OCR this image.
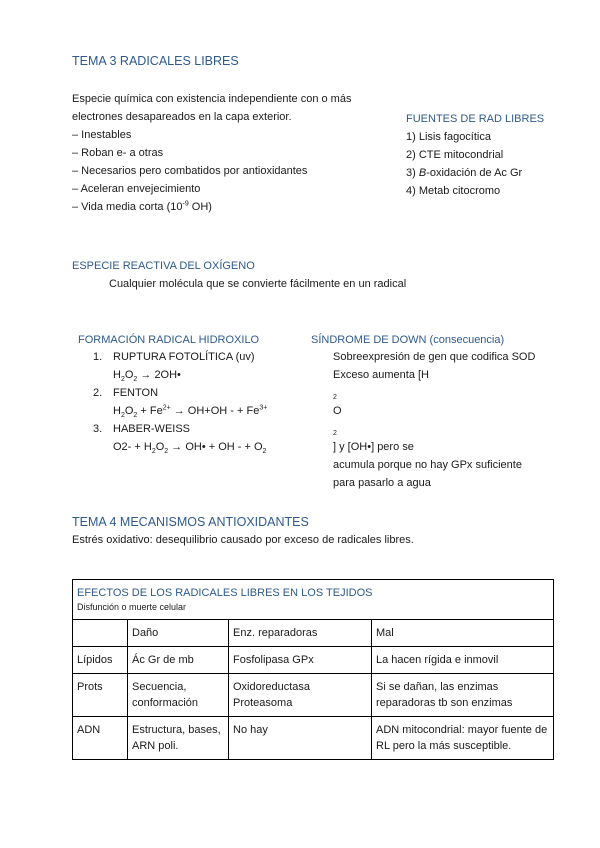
TEMA 3 RADICALES LIBRES
Especie química con existencia independiente con o más
electrones desapareados en la capa exterior.
– Inestables
– Roban e- a otras
– Necesarios pero combatidos por antioxidantes
– Aceleran envejecimiento
– Vida media corta ($10^{-9}$ OH)
FUENTES DE RAD LIBRES
1) Lisis fagocítica
2) CTE mitocondrial
3) B-oxidación de Ac Gr
4) Metab citocromo
ESPECIE REACTIVA DEL OXÍGENO
Cualquier molécula que se convierte fácilmente en un radical
FORMACIÓN RADICAL HIDROXILO
1. RUPTURA FOTOLÍTICA (uv)
$H_2O_2$ → 2OH•
2. FENTON
$H_2O_2 + Fe^{2+} \to OH+OH$ - + $Fe^{3+}$
3. HABER-WEISS
$O2- + H_2O_2$ → OH• + OH - + $O_2$
SÍNDROME DE DOWN (consecuencia)
Sobreexpresión de gen que codifica SOD
Exceso aumenta [H
$_2$
O
$_2$
] y [OH•] pero se
acumula porque no hay GPx suficiente
para pasarlo a agua
TEMA 4 MECANISMOS ANTIOXIDANTES
Estrés oxidativo: desequilibrio causado por exceso de radicales libres.
EFECTOS DE LOS RADICALES LIBRES EN LOS TEJIDOS
Disfunción o muerte celular			

	Daño	Enz. reparadoras	Mal
Lípidos	Ác Gr de mb	Fosfolipasa GPx	La hacen rígida e inmovil
Prots	Secuencia, conformación	Oxidoreductasa Proteasoma	Si se dañan, las enzimas reparadoras tb son enzimas
ADN	Estructura, bases, ARN poli.	No hay	ADN mitocondrial: mayor fuente de RL pero la más susceptible.
